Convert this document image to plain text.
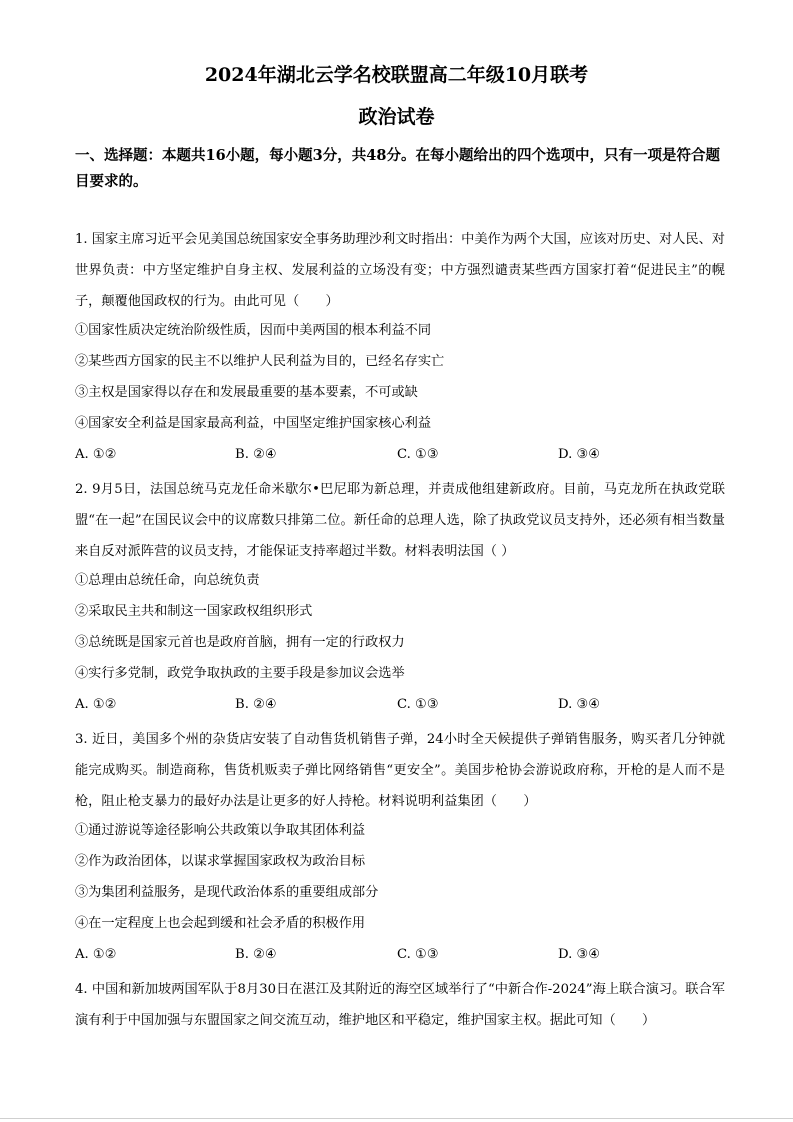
2024年湖北云学名校联盟高二年级10月联考
政治试卷
一、选择题：本题共16小题，每小题3分，共48分。在每小题给出的四个选项中，只有一项是符合题目要求的。
1. 国家主席习近平会见美国总统国家安全事务助理沙利文时指出：中美作为两个大国，应该对历史、对人民、对世界负责：中方坚定维护自身主权、发展利益的立场没有变；中方强烈谴责某些西方国家打着“促进民主”的幌子，颠覆他国政权的行为。由此可见（　　）
①国家性质决定统治阶级性质，因而中美两国的根本利益不同
②某些西方国家的民主不以维护人民利益为目的，已经名存实亡
③主权是国家得以存在和发展最重要的基本要素，不可或缺
④国家安全利益是国家最高利益，中国坚定维护国家核心利益
A. ①②	B. ②④	C. ①③	D. ③④
2. 9月5日，法国总统马克龙任命米歇尔•巴尼耶为新总理，并责成他组建新政府。目前，马克龙所在执政党联盟“在一起”在国民议会中的议席数只排第二位。新任命的总理人选，除了执政党议员支持外，还必须有相当数量来自反对派阵营的议员支持，才能保证支持率超过半数。材料表明法国（ ）
①总理由总统任命，向总统负责
②采取民主共和制这一国家政权组织形式
③总统既是国家元首也是政府首脑，拥有一定的行政权力
④实行多党制，政党争取执政的主要手段是参加议会选举
A. ①②	B. ②④	C. ①③	D. ③④
3. 近日，美国多个州的杂货店安装了自动售货机销售子弹，24小时全天候提供子弹销售服务，购买者几分钟就能完成购买。制造商称，售货机贩卖子弹比网络销售“更安全”。美国步枪协会游说政府称，开枪的是人而不是枪，阻止枪支暴力的最好办法是让更多的好人持枪。材料说明利益集团（　　）
①通过游说等途径影响公共政策以争取其团体利益
②作为政治团体，以谋求掌握国家政权为政治目标
③为集团利益服务，是现代政治体系的重要组成部分
④在一定程度上也会起到缓和社会矛盾的积极作用
A. ①②	B. ②④	C. ①③	D. ③④
4. 中国和新加坡两国军队于8月30日在湛江及其附近的海空区域举行了“中新合作-2024”海上联合演习。联合军演有利于中国加强与东盟国家之间交流互动，维护地区和平稳定，维护国家主权。据此可知（　　）
